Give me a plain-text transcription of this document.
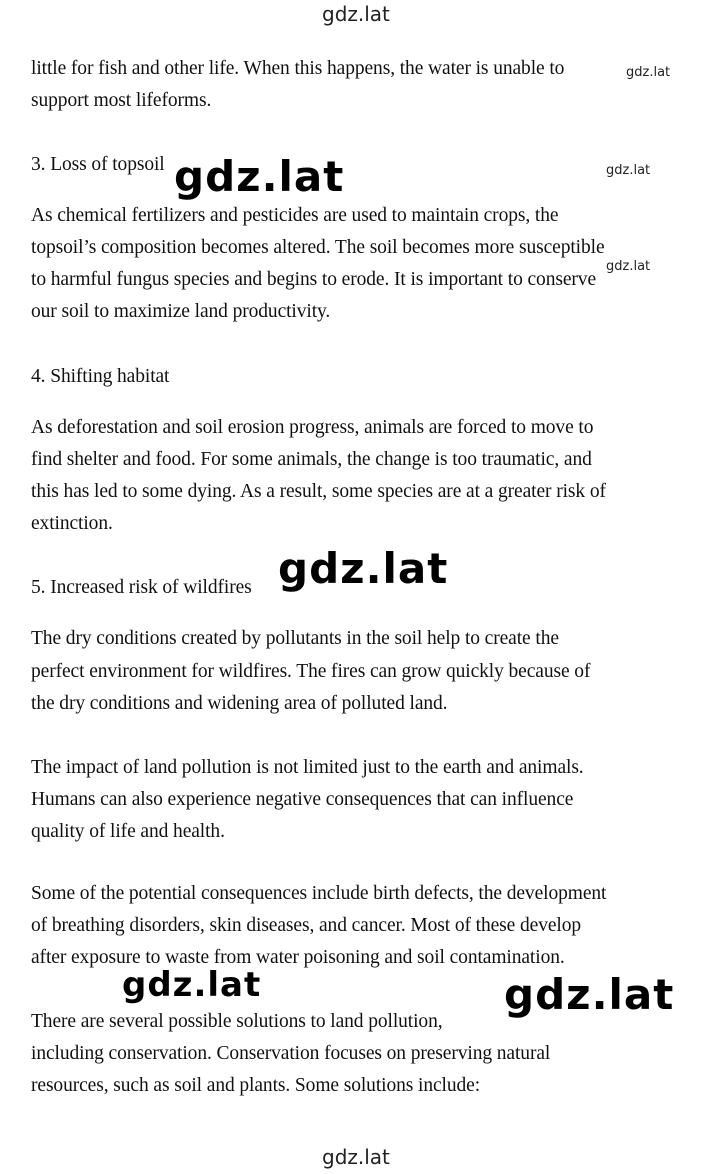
little for fish and other life. When this happens, the water is unable to
support most lifeforms.
3. Loss of topsoil
As chemical fertilizers and pesticides are used to maintain crops, the
topsoil’s composition becomes altered. The soil becomes more susceptible
to harmful fungus species and begins to erode. It is important to conserve
our soil to maximize land productivity.
4. Shifting habitat
As deforestation and soil erosion progress, animals are forced to move to
find shelter and food. For some animals, the change is too traumatic, and
this has led to some dying. As a result, some species are at a greater risk of
extinction.
5. Increased risk of wildfires
The dry conditions created by pollutants in the soil help to create the
perfect environment for wildfires. The fires can grow quickly because of
the dry conditions and widening area of polluted land.
The impact of land pollution is not limited just to the earth and animals.
Humans can also experience negative consequences that can influence
quality of life and health.
Some of the potential consequences include birth defects, the development
of breathing disorders, skin diseases, and cancer. Most of these develop
after exposure to waste from water poisoning and soil contamination.
There are several possible solutions to land pollution,
including conservation. Conservation focuses on preserving natural
resources, such as soil and plants. Some solutions include:
gdz.lat
gdz.lat
gdz.lat	gdz.lat
gdz.lat
gdz.lat
gdz.lat	gdz.lat
gdz.lat
